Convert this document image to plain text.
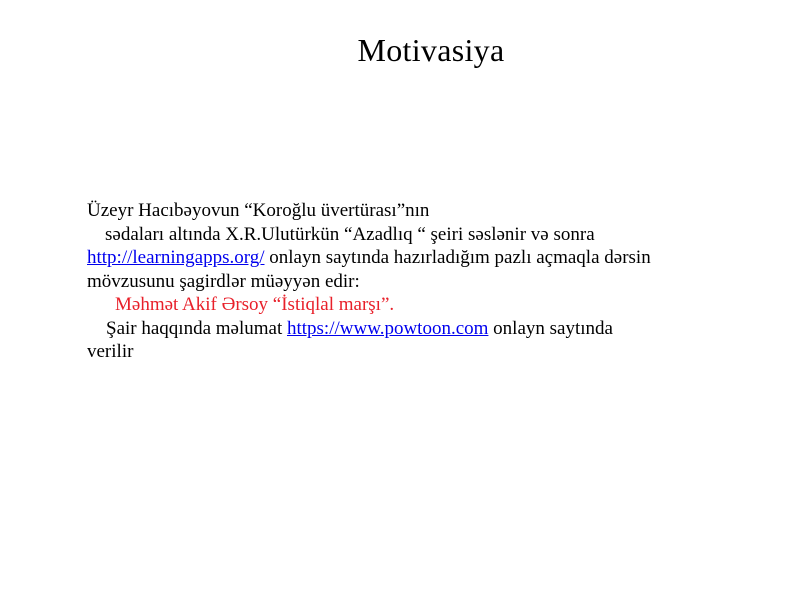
Motivasiya
Üzeyr Hacıbəyovun “Koroğlu üvertürası”nın
sədaları altında X.R.Ulutürkün “Azadlıq “ şeiri səslənir və sonra
http://learningapps.org/ onlayn saytında hazırladığım pazlı açmaqla dərsin
mövzusunu şagirdlər müəyyən edir:
Məhmət Akif Ərsoy “İstiqlal marşı”.
Şair haqqında məlumat https://www.powtoon.com onlayn saytında
verilir
